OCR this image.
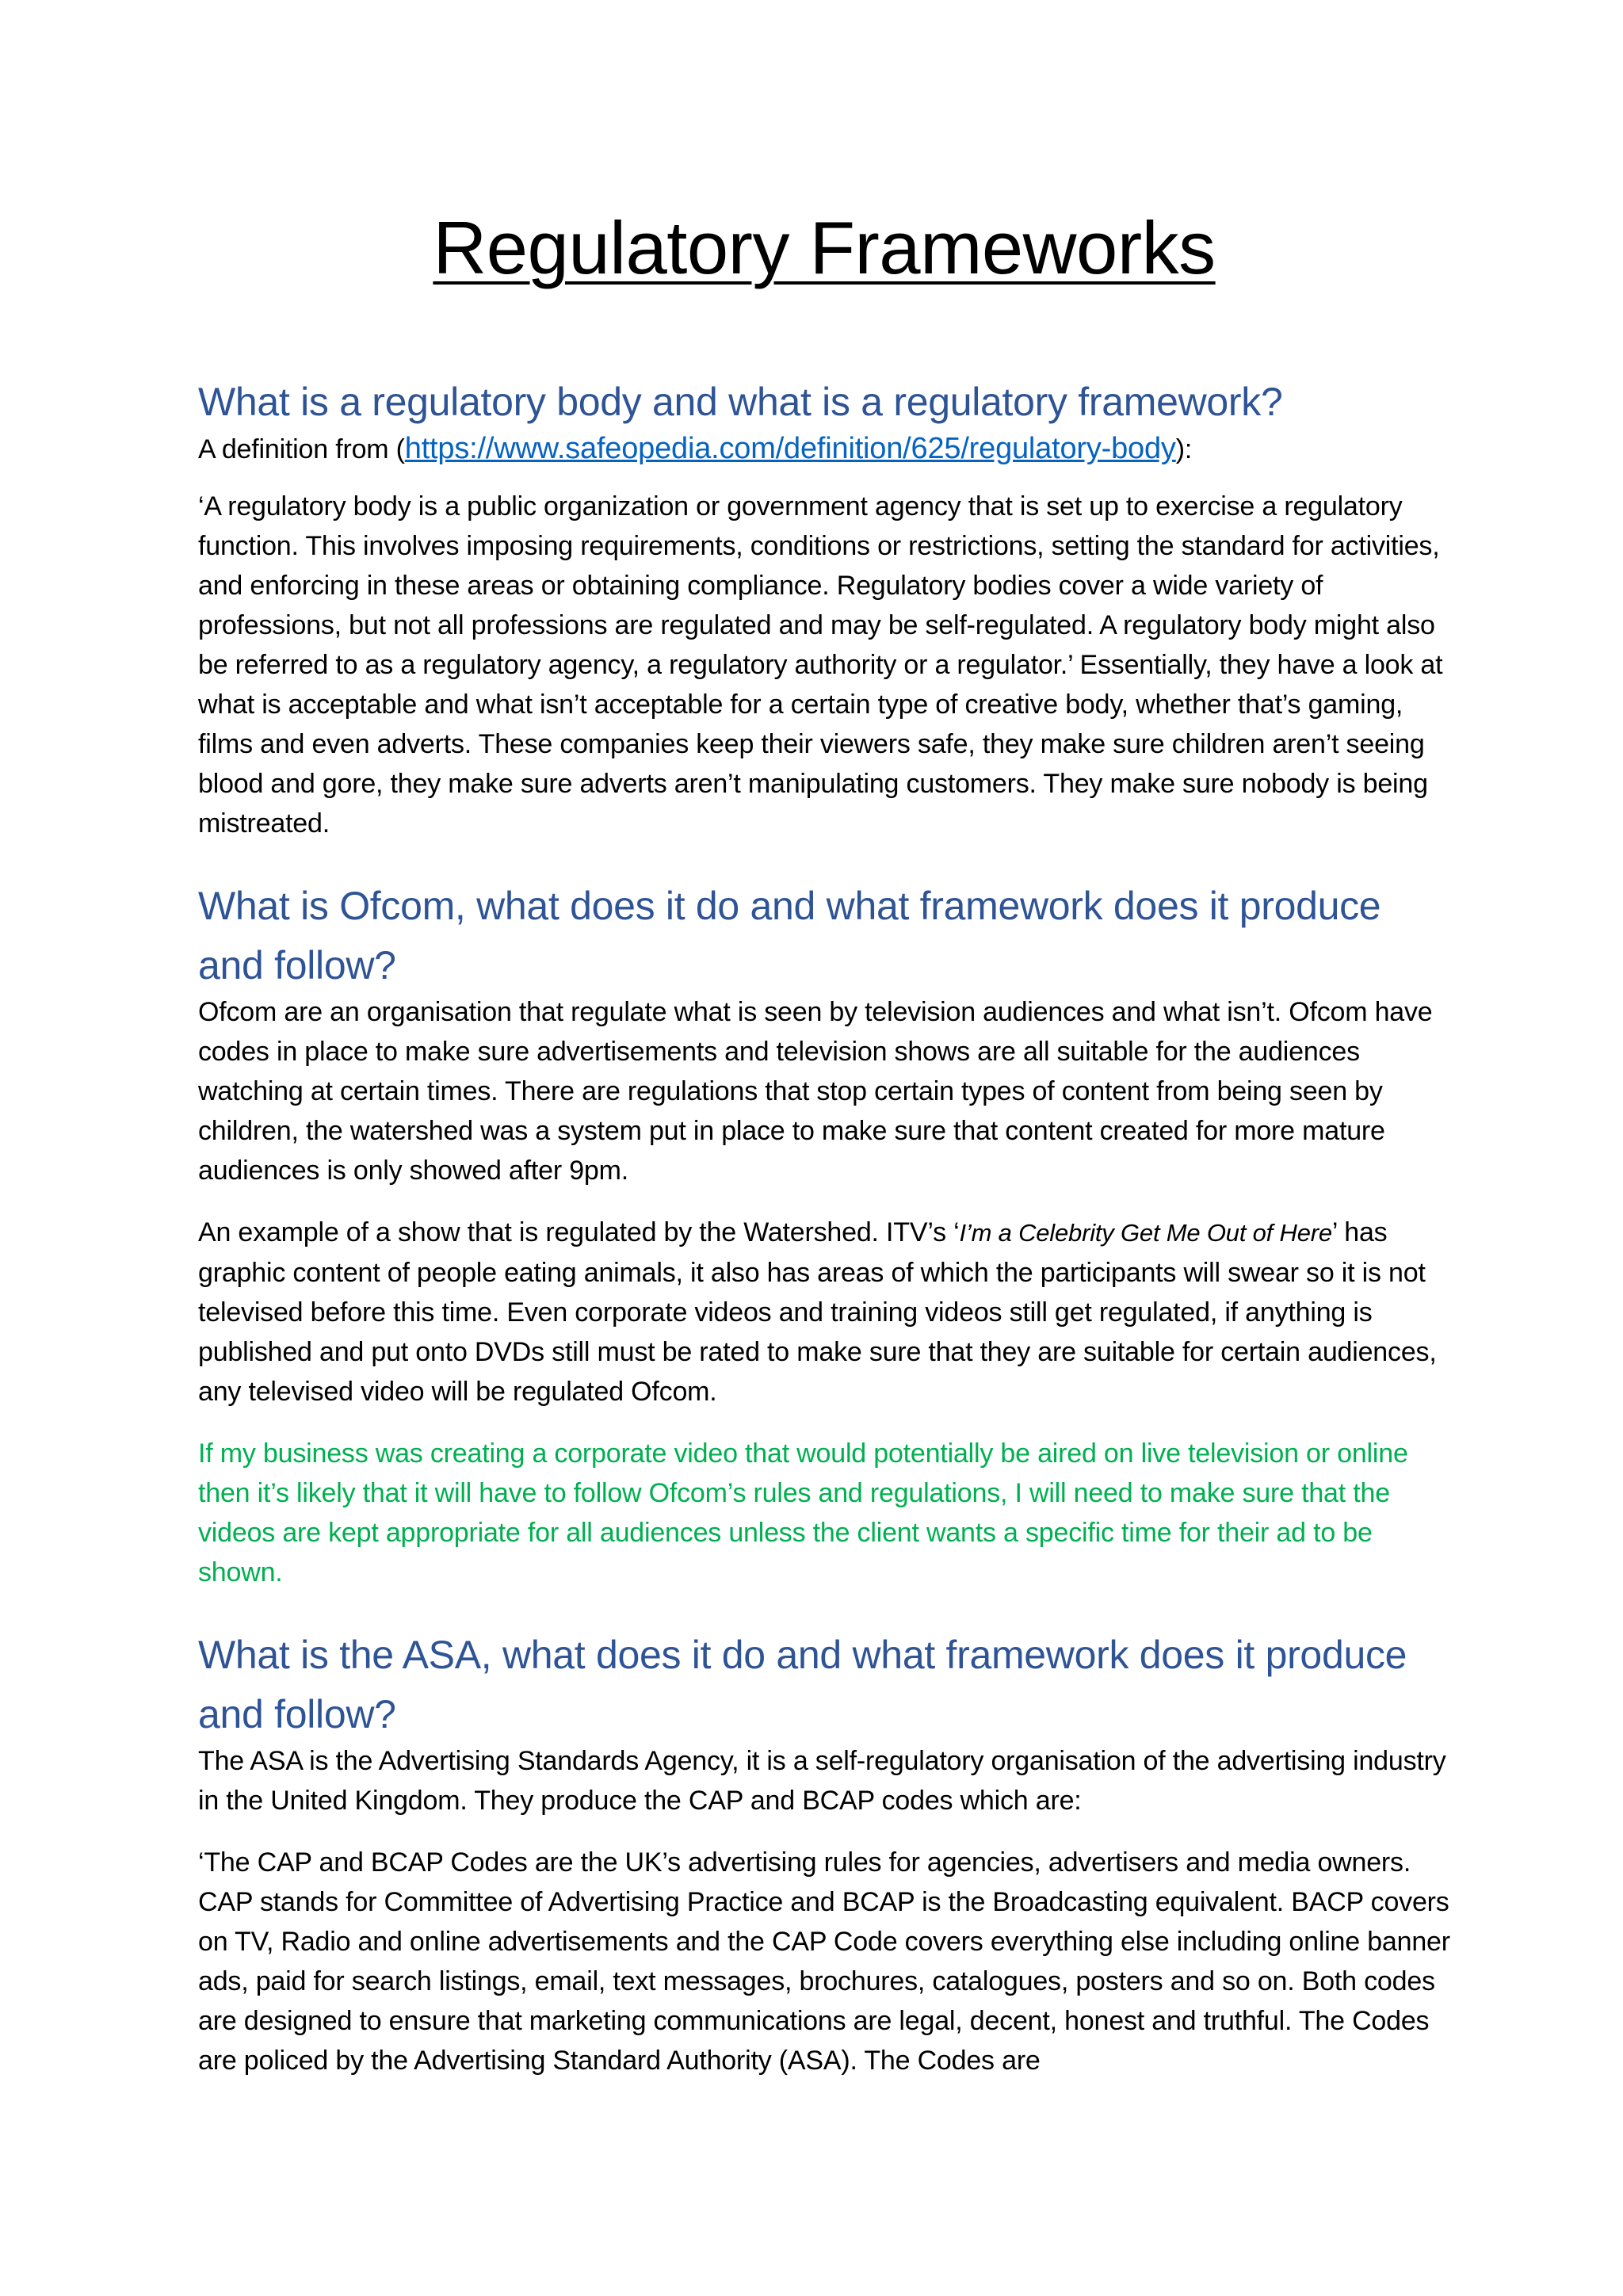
Regulatory Frameworks
What is a regulatory body and what is a regulatory framework?

A definition from (https://www.safeopedia.com/definition/625/regulatory-body):

‘A regulatory body is a public organization or government agency that is set up to exercise a regulatory function. This involves imposing requirements, conditions or restrictions, setting the standard for activities, and enforcing in these areas or obtaining compliance. Regulatory bodies cover a wide variety of professions, but not all professions are regulated and may be self-regulated. A regulatory body might also be referred to as a regulatory agency, a regulatory authority or a regulator.’ Essentially, they have a look at what is acceptable and what isn’t acceptable for a certain type of creative body, whether that’s gaming, films and even adverts. These companies keep their viewers safe, they make sure children aren’t seeing blood and gore, they make sure adverts aren’t manipulating customers. They make sure nobody is being mistreated.

What is Ofcom, what does it do and what framework does it produce and follow?

Ofcom are an organisation that regulate what is seen by television audiences and what isn’t. Ofcom have codes in place to make sure advertisements and television shows are all suitable for the audiences watching at certain times. There are regulations that stop certain types of content from being seen by children, the watershed was a system put in place to make sure that content created for more mature audiences is only showed after 9pm.

An example of a show that is regulated by the Watershed. ITV’s ‘I’m a Celebrity Get Me Out of Here’ has graphic content of people eating animals, it also has areas of which the participants will swear so it is not televised before this time. Even corporate videos and training videos still get regulated, if anything is published and put onto DVDs still must be rated to make sure that they are suitable for certain audiences, any televised video will be regulated Ofcom.

If my business was creating a corporate video that would potentially be aired on live television or online then it’s likely that it will have to follow Ofcom’s rules and regulations, I will need to make sure that the videos are kept appropriate for all audiences unless the client wants a specific time for their ad to be shown.

What is the ASA, what does it do and what framework does it produce and follow?

The ASA is the Advertising Standards Agency, it is a self-regulatory organisation of the advertising industry in the United Kingdom. They produce the CAP and BCAP codes which are:

‘The CAP and BCAP Codes are the UK’s advertising rules for agencies, advertisers and media owners. CAP stands for Committee of Advertising Practice and BCAP is the Broadcasting equivalent. BACP covers on TV, Radio and online advertisements and the CAP Code covers everything else including online banner ads, paid for search listings, email, text messages, brochures, catalogues, posters and so on. Both codes are designed to ensure that marketing communications are legal, decent, honest and truthful. The Codes are policed by the Advertising Standard Authority (ASA). The Codes are
